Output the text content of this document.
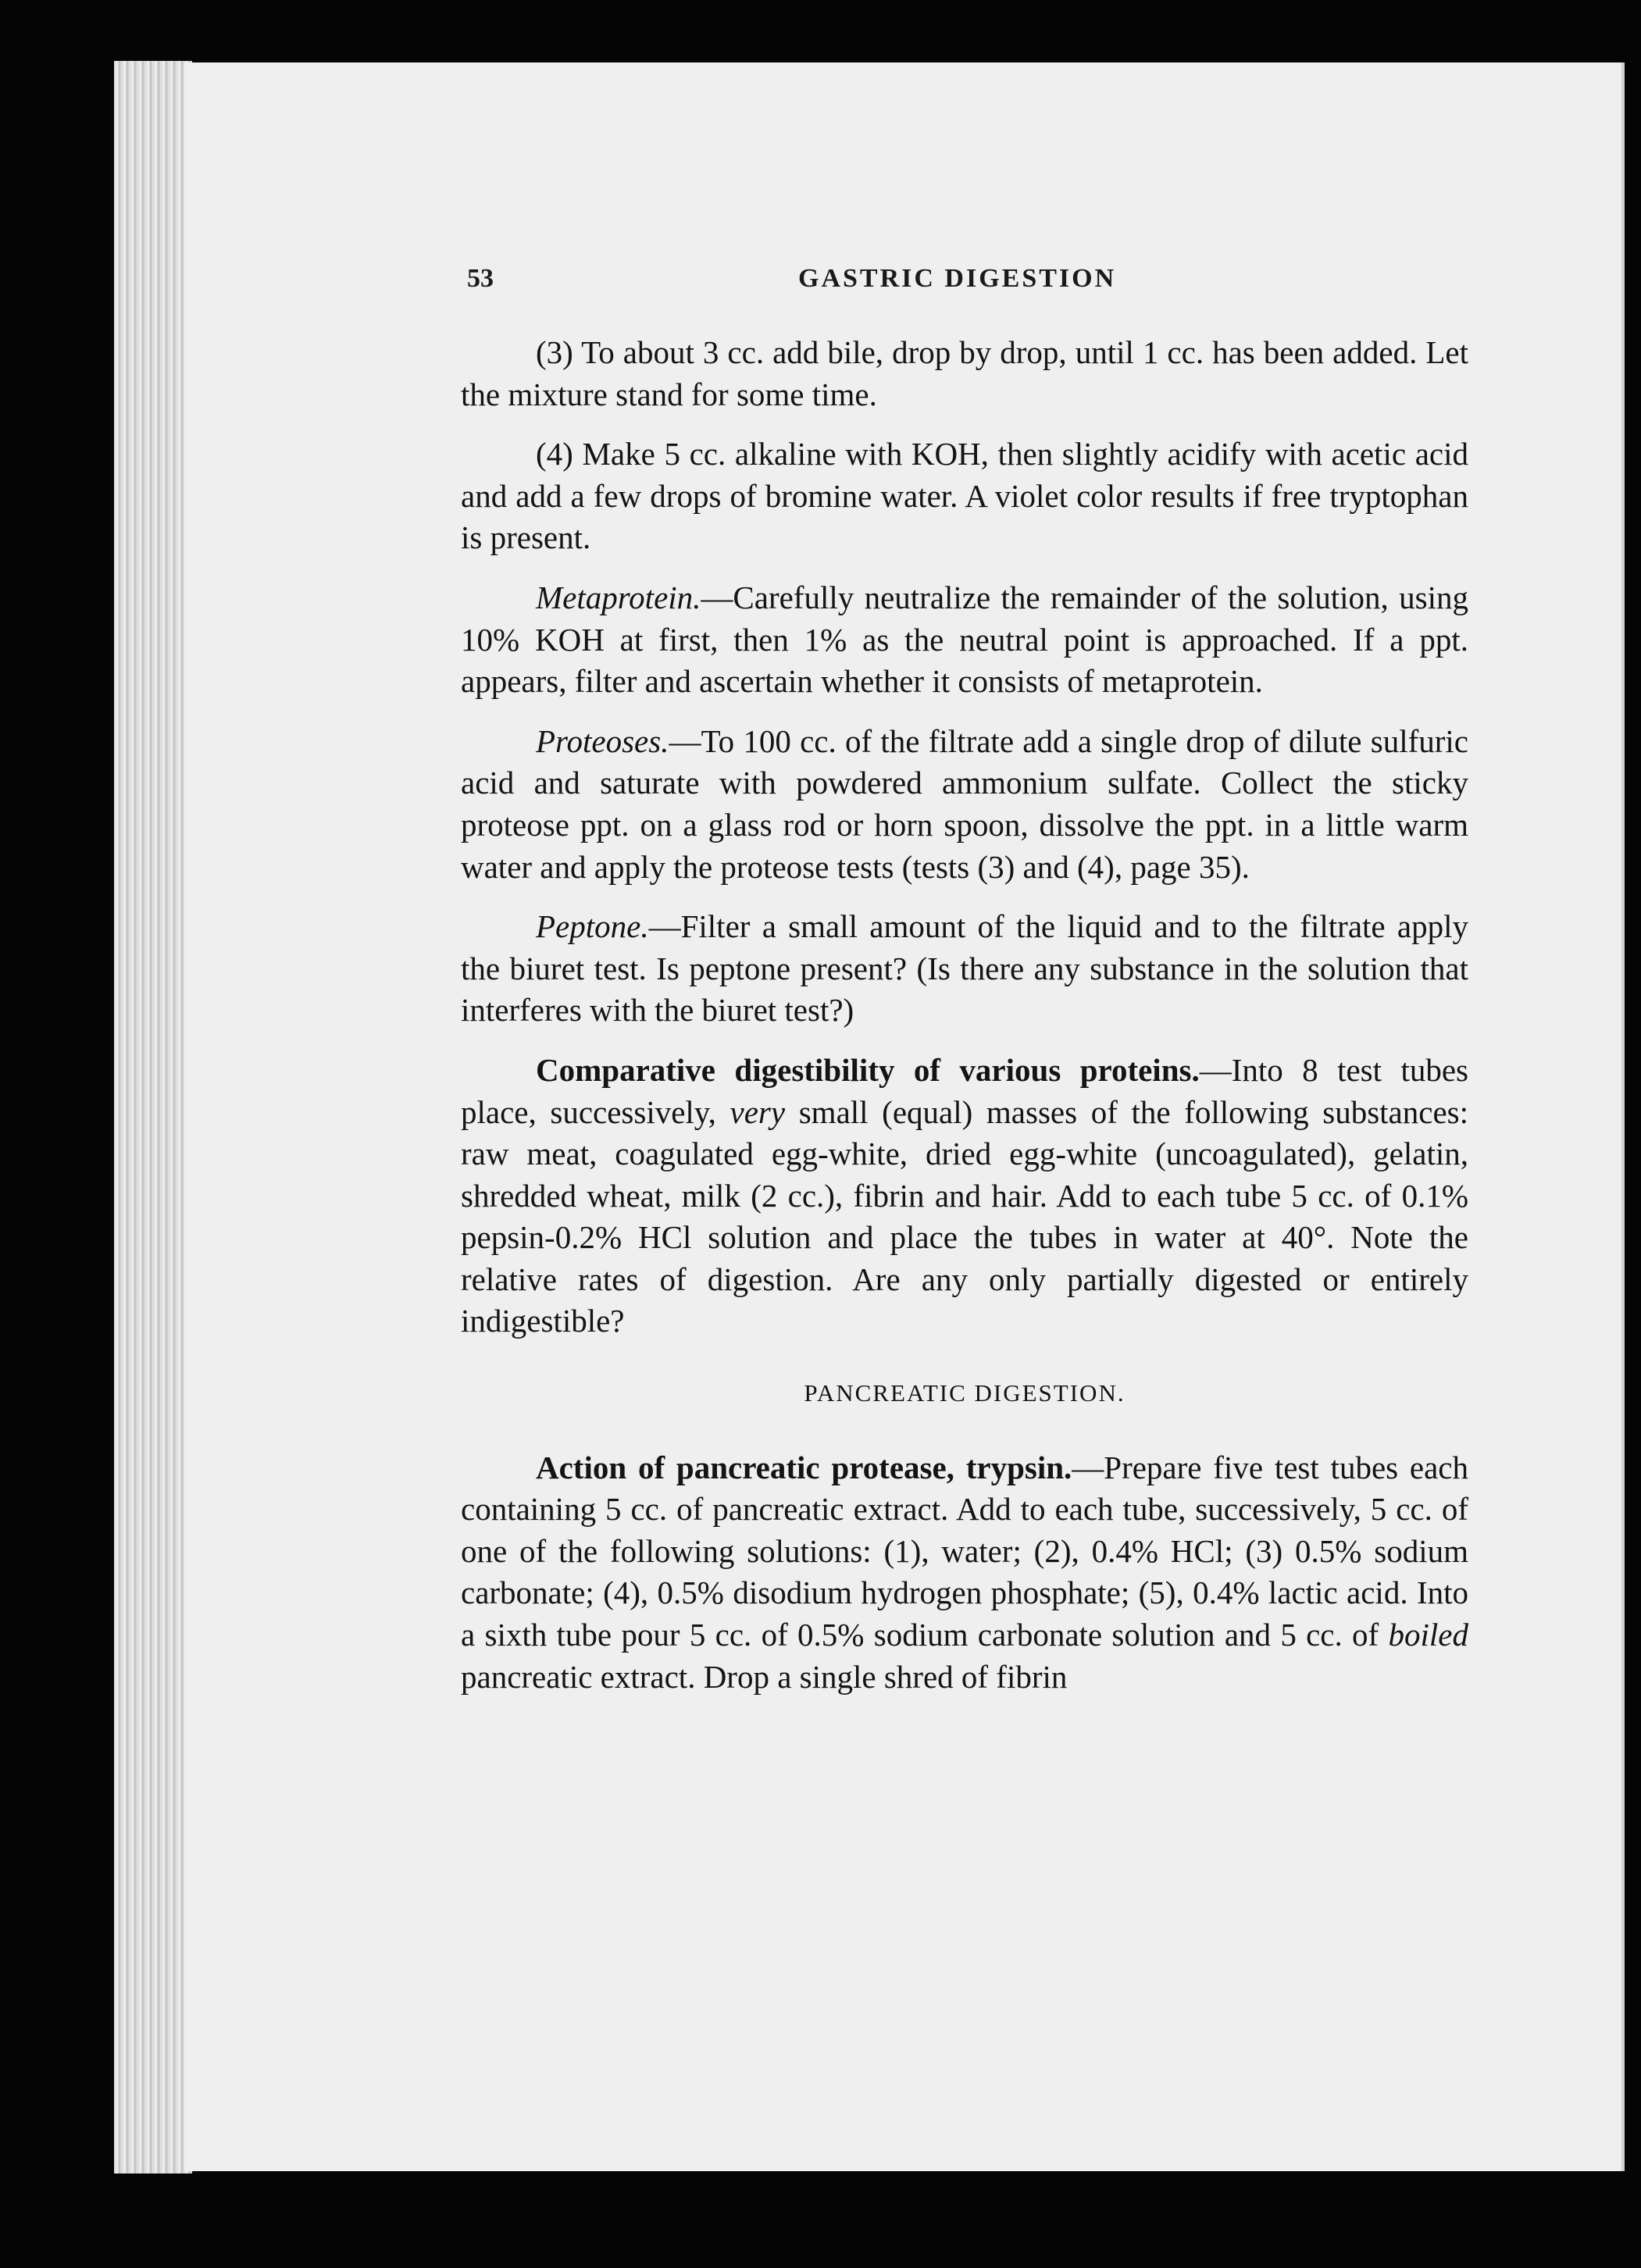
53	GASTRIC DIGESTION

(3) To about 3 cc. add bile, drop by drop, until 1 cc. has been added. Let the mixture stand for some time.

(4) Make 5 cc. alkaline with KOH, then slightly acidify with acetic acid and add a few drops of bromine water. A violet color results if free tryptophan is present.

Metaprotein.—Carefully neutralize the remainder of the solution, using 10% KOH at first, then 1% as the neutral point is approached. If a ppt. appears, filter and ascertain whether it consists of metaprotein.

Proteoses.—To 100 cc. of the filtrate add a single drop of dilute sulfuric acid and saturate with powdered ammonium sulfate. Collect the sticky proteose ppt. on a glass rod or horn spoon, dissolve the ppt. in a little warm water and apply the proteose tests (tests (3) and (4), page 35).

Peptone.—Filter a small amount of the liquid and to the filtrate apply the biuret test. Is peptone present? (Is there any substance in the solution that interferes with the biuret test?)

Comparative digestibility of various proteins.—Into 8 test tubes place, successively, very small (equal) masses of the following substances: raw meat, coagulated egg-white, dried egg-white (uncoagulated), gelatin, shredded wheat, milk (2 cc.), fibrin and hair. Add to each tube 5 cc. of 0.1% pepsin-0.2% HCl solution and place the tubes in water at 40°. Note the relative rates of digestion. Are any only partially digested or entirely indigestible?

PANCREATIC DIGESTION.

Action of pancreatic protease, trypsin.—Prepare five test tubes each containing 5 cc. of pancreatic extract. Add to each tube, successively, 5 cc. of one of the following solutions: (1), water; (2), 0.4% HCl; (3) 0.5% sodium carbonate; (4), 0.5% disodium hydrogen phosphate; (5), 0.4% lactic acid. Into a sixth tube pour 5 cc. of 0.5% sodium carbonate solution and 5 cc. of boiled pancreatic extract. Drop a single shred of fibrin
